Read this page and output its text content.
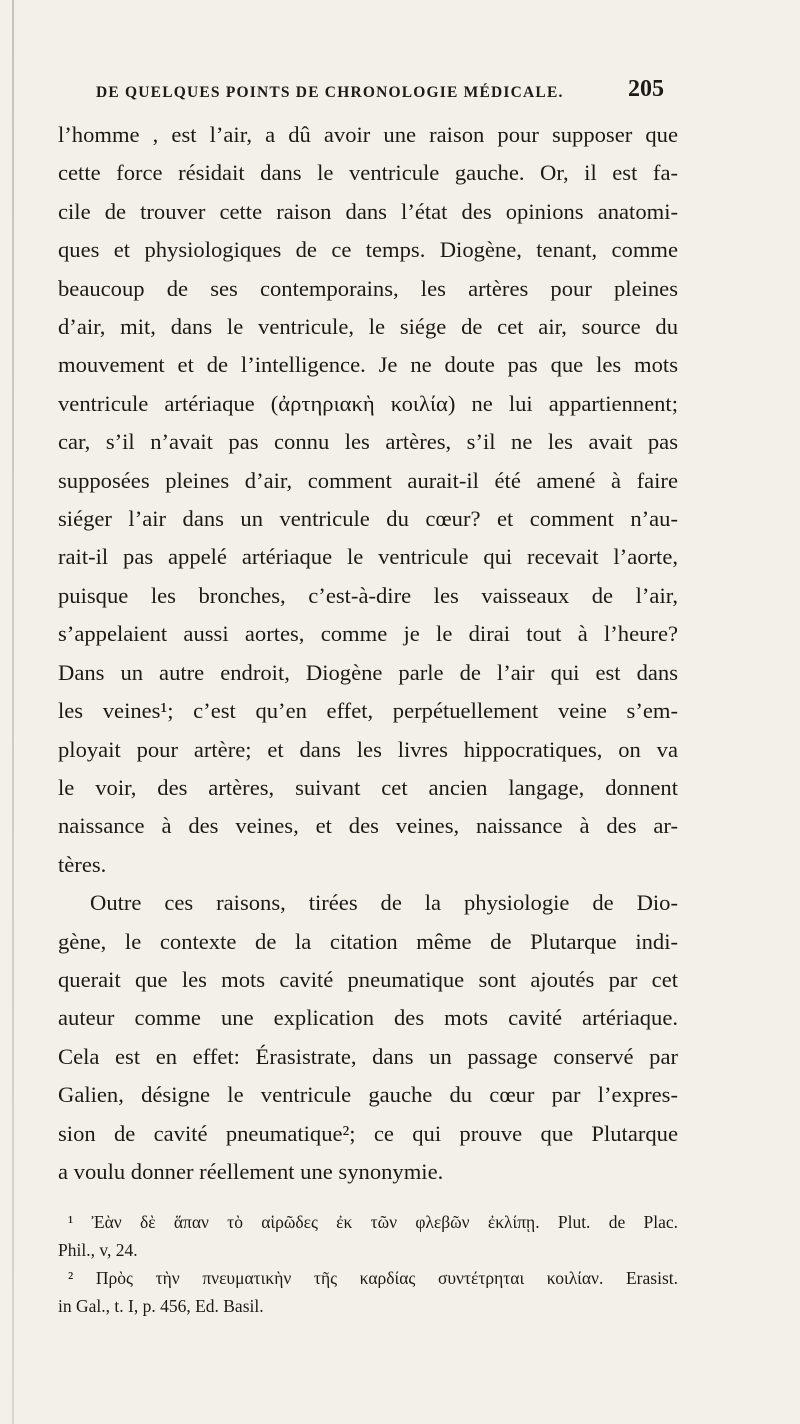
DE QUELQUES POINTS DE CHRONOLOGIE MÉDICALE.	205

l’homme , est l’air, a dû avoir une raison pour supposer que

cette force résidait dans le ventricule gauche. Or, il est fa-

cile de trouver cette raison dans l’état des opinions anatomi-

ques et physiologiques de ce temps. Diogène, tenant, comme

beaucoup de ses contemporains, les artères pour pleines

d’air, mit, dans le ventricule, le siége de cet air, source du

mouvement et de l’intelligence. Je ne doute pas que les mots

ventricule artériaque (ἀρτηριακὴ κοιλία) ne lui appartiennent;

car, s’il n’avait pas connu les artères, s’il ne les avait pas

supposées pleines d’air, comment aurait-il été amené à faire

siéger l’air dans un ventricule du cœur? et comment n’au-

rait-il pas appelé artériaque le ventricule qui recevait l’aorte,

puisque les bronches, c’est-à-dire les vaisseaux de l’air,

s’appelaient aussi aortes, comme je le dirai tout à l’heure?

Dans un autre endroit, Diogène parle de l’air qui est dans

les veines¹; c’est qu’en effet, perpétuellement veine s’em-

ployait pour artère; et dans les livres hippocratiques, on va

le voir, des artères, suivant cet ancien langage, donnent

naissance à des veines, et des veines, naissance à des ar-

tères.

Outre ces raisons, tirées de la physiologie de Dio-

gène, le contexte de la citation même de Plutarque indi-

querait que les mots cavité pneumatique sont ajoutés par cet

auteur comme une explication des mots cavité artériaque.

Cela est en effet: Érasistrate, dans un passage conservé par

Galien, désigne le ventricule gauche du cœur par l’expres-

sion de cavité pneumatique²; ce qui prouve que Plutarque

a voulu donner réellement une synonymie.

¹ Ἐὰν δὲ ἅπαν τὸ αἱρῶδες ἐκ τῶν φλεβῶν ἐκλίπῃ. Plut. de Plac.

Phil., v, 24.

² Πρὸς τὴν πνευματικὴν τῆς καρδίας συντέτρηται κοιλίαν. Erasist.

in Gal., t. I, p. 456, Ed. Basil.
